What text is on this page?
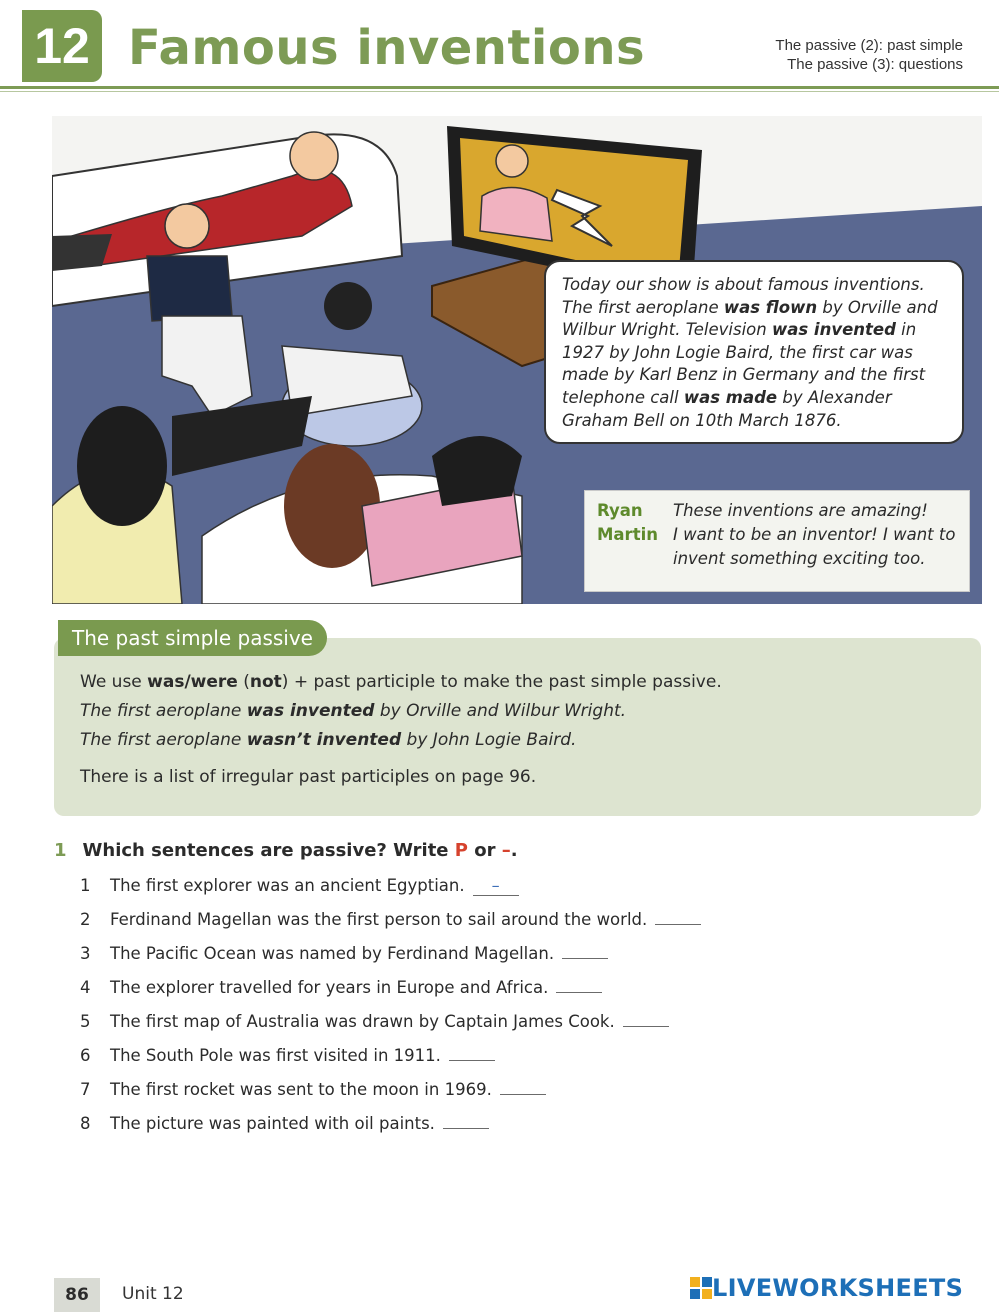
12 Famous inventions	The passive (2): past simple
The passive (3): questions
Today our show is about famous inventions. The first aeroplane was flown by Orville and Wilbur Wright. Television was invented in 1927 by John Logie Baird, the first car was made by Karl Benz in Germany and the first telephone call was made by Alexander Graham Bell on 10th March 1876.
Ryan	These inventions are amazing!
Martin I want to be an inventor! I want to invent something exciting too.

We use was/were (not) + past participle to make the past simple passive.

The first aeroplane was invented by Orville and Wilbur Wright.

The first aeroplane wasn’t invented by John Logie Baird.

There is a list of irregular past participles on page 96.

The past simple passive
1 Which sentences are passive? Write P or –.
1	The first explorer was an ancient Egyptian.	–
2	Ferdinand Magellan was the first person to sail around the world.
3	The Pacific Ocean was named by Ferdinand Magellan.
4	The explorer travelled for years in Europe and Africa.
5	The first map of Australia was drawn by Captain James Cook.
6	The South Pole was first visited in 1911.
7	The first rocket was sent to the moon in 1969.
8	The picture was painted with oil paints.
86	Unit 12	LIVEWORKSHEETS
